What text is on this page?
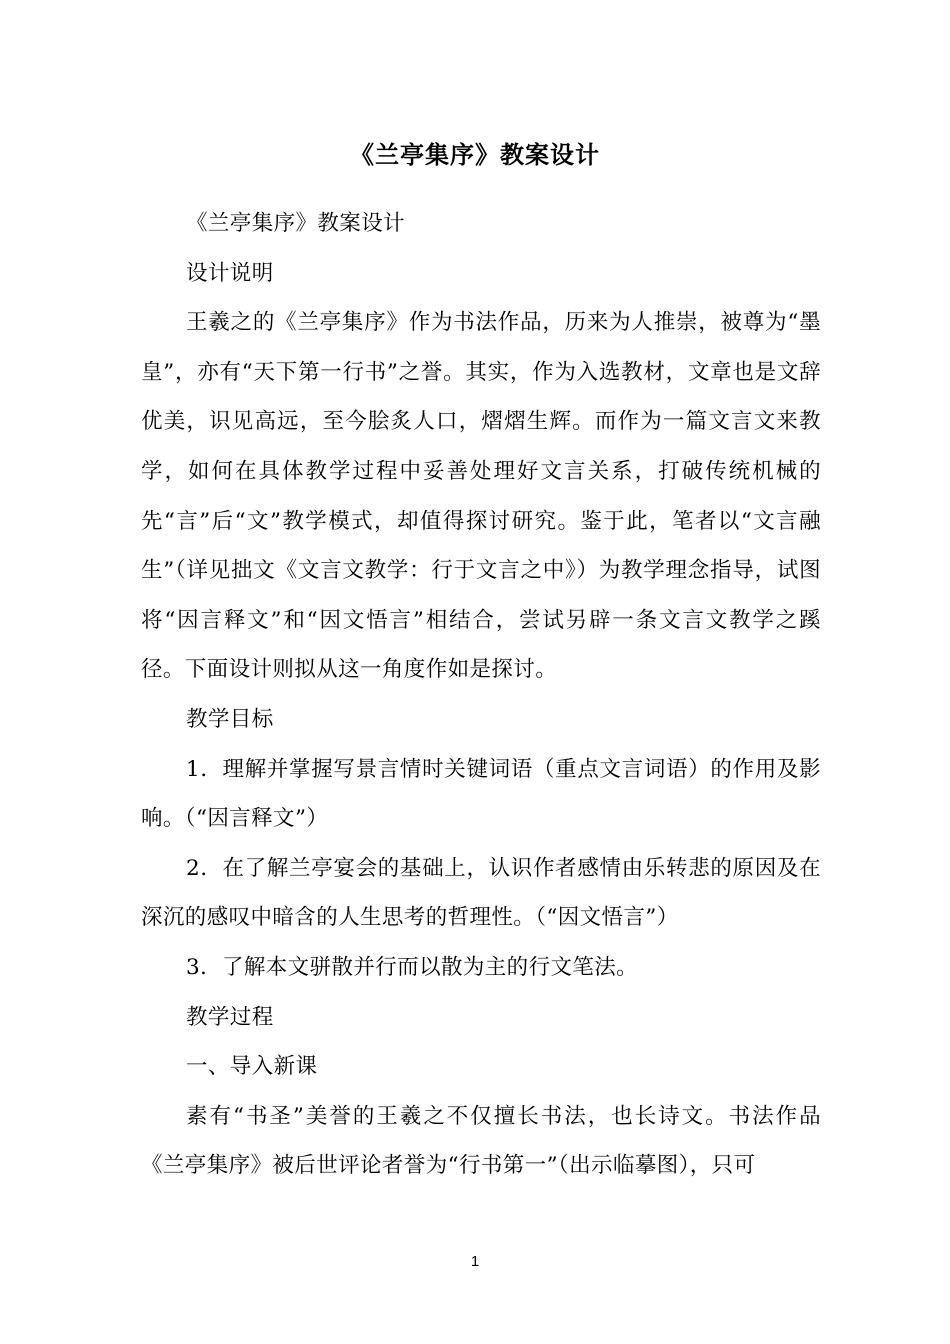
《兰亭集序》教案设计

《兰亭集序》教案设计

设计说明

王羲之的《兰亭集序》作为书法作品，历来为人推崇，被尊为“墨皇”，亦有“天下第一行书”之誉。其实，作为入选教材，文章也是文辞优美，识见高远，至今脍炙人口，熠熠生辉。而作为一篇文言文来教学，如何在具体教学过程中妥善处理好文言关系，打破传统机械的先“言”后“文”教学模式，却值得探讨研究。鉴于此，笔者以“文言融生”（详见拙文《文言文教学：行于文言之中》）为教学理念指导，试图将“因言释文”和“因文悟言”相结合，尝试另辟一条文言文教学之蹊径。下面设计则拟从这一角度作如是探讨。

教学目标

1．理解并掌握写景言情时关键词语（重点文言词语）的作用及影响。（“因言释文”）

2．在了解兰亭宴会的基础上，认识作者感情由乐转悲的原因及在深沉的感叹中暗含的人生思考的哲理性。（“因文悟言”）

3．了解本文骈散并行而以散为主的行文笔法。

教学过程

一、导入新课

素有“书圣”美誉的王羲之不仅擅长书法，也长诗文。书法作品《兰亭集序》被后世评论者誉为“行书第一”（出示临摹图），只可

1
